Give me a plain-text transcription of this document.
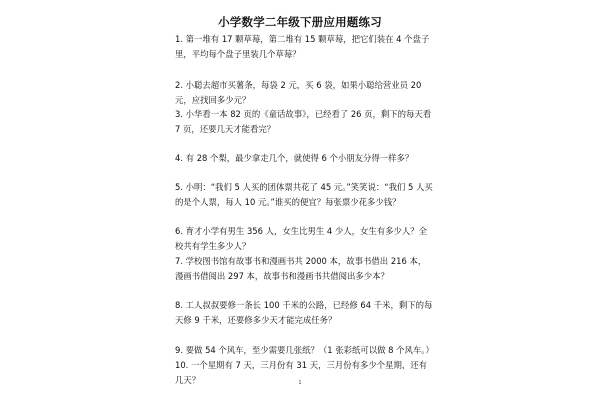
小学数学二年级下册应用题练习
1. 第一堆有 17 颗草莓，第二堆有 15 颗草莓，把它们装在 4 个盘子里，平均每个盘子里装几个草莓？
2. 小聪去超市买薯条，每袋 2 元，买 6 袋，如果小聪给营业员 20 元，应找回多少元？
3. 小华看一本 82 页的《童话故事》，已经看了 26 页，剩下的每天看 7 页，还要几天才能看完？
4. 有 28 个梨，最少拿走几个，就使得 6 个小朋友分得一样多？
5. 小明：“我们 5 人买的团体票共花了 45 元。”笑笑说：“我们 5 人买的是个人票，每人 10 元。”谁买的便宜？每张票少花多少钱？
6. 育才小学有男生 356 人，女生比男生 4 少人，女生有多少人？全校共有学生多少人？
7. 学校图书馆有故事书和漫画书共 2000 本，故事书借出 216 本，漫画书借阅出 297 本，故事书和漫画书共借阅出多少本？
8. 工人叔叔要修一条长 100 千米的公路，已经修 64 千米，剩下的每天修 9 千米，还要修多少天才能完成任务？
9. 要做 54 个风车，至少需要几张纸？（1 张彩纸可以做 8 个风车。）
10. 一个星期有 7 天，三月份有 31 天，三月份有多少个星期，还有几天？	1
